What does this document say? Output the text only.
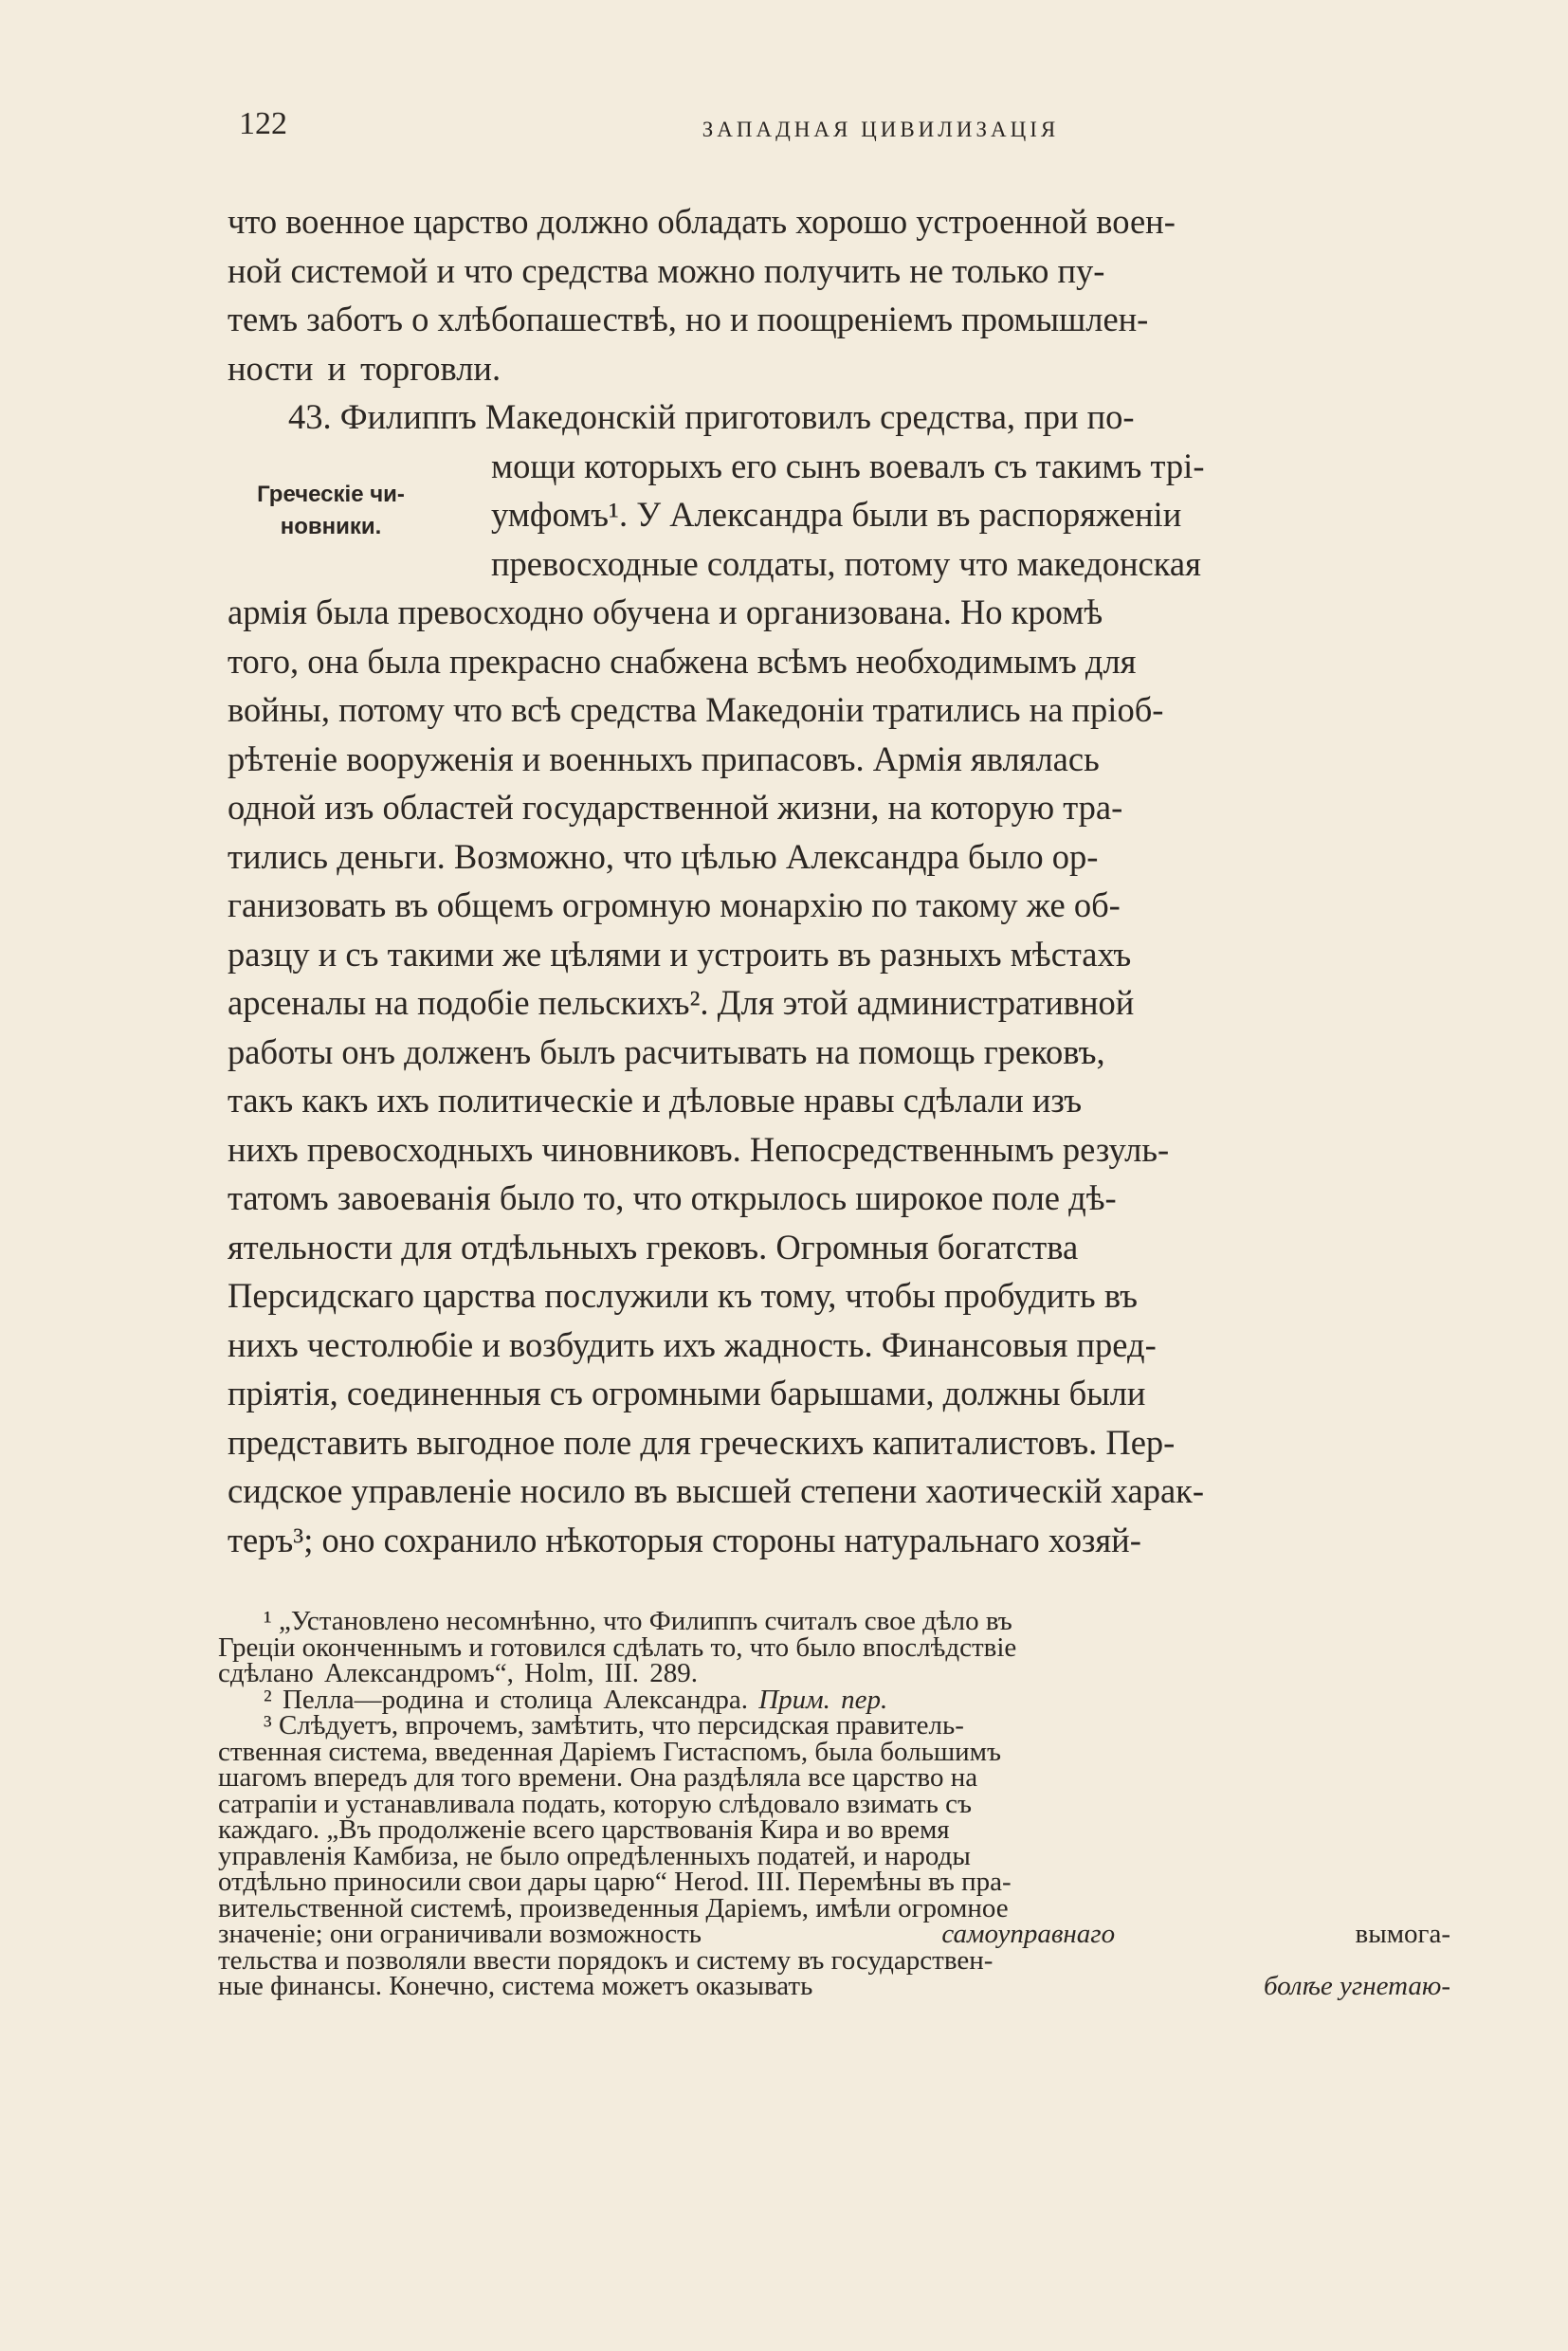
122	ЗАПАДНАЯ ЦИВИЛИЗАЦІЯ
Греческіе чи-
новники.
что военное царство должно обладать хорошо устроенной воен-
ной системой и что средства можно получить не только пу-
темъ заботъ о хлѣбопашествѣ, но и поощреніемъ промышлен-
ности и торговли.
43. Филиппъ Македонскій приготовилъ средства, при по-
мощи которыхъ его сынъ воевалъ съ такимъ трі-
умфомъ¹. У Александра были въ распоряженіи
превосходные солдаты, потому что македонская
армія была превосходно обучена и организована. Но кромѣ
того, она была прекрасно снабжена всѣмъ необходимымъ для
войны, потому что всѣ средства Македоніи тратились на пріоб-
рѣтеніе вооруженія и военныхъ припасовъ. Армія являлась
одной изъ областей государственной жизни, на которую тра-
тились деньги. Возможно, что цѣлью Александра было ор-
ганизовать въ общемъ огромную монархію по такому же об-
разцу и съ такими же цѣлями и устроить въ разныхъ мѣстахъ
арсеналы на подобіе пельскихъ². Для этой административной
работы онъ долженъ былъ расчитывать на помощь грековъ,
такъ какъ ихъ политическіе и дѣловые нравы сдѣлали изъ
нихъ превосходныхъ чиновниковъ. Непосредственнымъ резуль-
татомъ завоеванія было то, что открылось широкое поле дѣ-
ятельности для отдѣльныхъ грековъ. Огромныя богатства
Персидскаго царства послужили къ тому, чтобы пробудить въ
нихъ честолюбіе и возбудить ихъ жадность. Финансовыя пред-
пріятія, соединенныя съ огромными барышами, должны были
представить выгодное поле для греческихъ капиталистовъ. Пер-
сидское управленіе носило въ высшей степени хаотическій харак-
теръ³; оно сохранило нѣкоторыя стороны натуральнаго хозяй-
¹ „Установлено несомнѣнно, что Филиппъ считалъ свое дѣло въ
Греціи оконченнымъ и готовился сдѣлать то, что было впослѣдствіе
сдѣлано Александромъ“, Holm, III. 289.
² Пелла—родина и столица Александра.
Прим. пер.
³ Слѣдуетъ, впрочемъ, замѣтить, что персидская правитель-
ственная система, введенная Даріемъ Гистаспомъ, была большимъ
шагомъ впередъ для того времени. Она раздѣляла все царство на
сатрапіи и устанавливала подать, которую слѣдовало взимать съ
каждаго. „Въ продолженіе всего царствованія Кира и во время
управленія Камбиза, не было опредѣленныхъ податей, и народы
отдѣльно приносили свои дары царю“ Herod. III. Перемѣны въ пра-
вительственной системѣ, произведенныя Даріемъ, имѣли огромное
значеніе; они ограничивали возможность	самоуправнаго	вымога-
тельства и позволяли ввести порядокъ и систему въ государствен-
ные финансы. Конечно, система можетъ оказывать	болѣе угнетаю-
